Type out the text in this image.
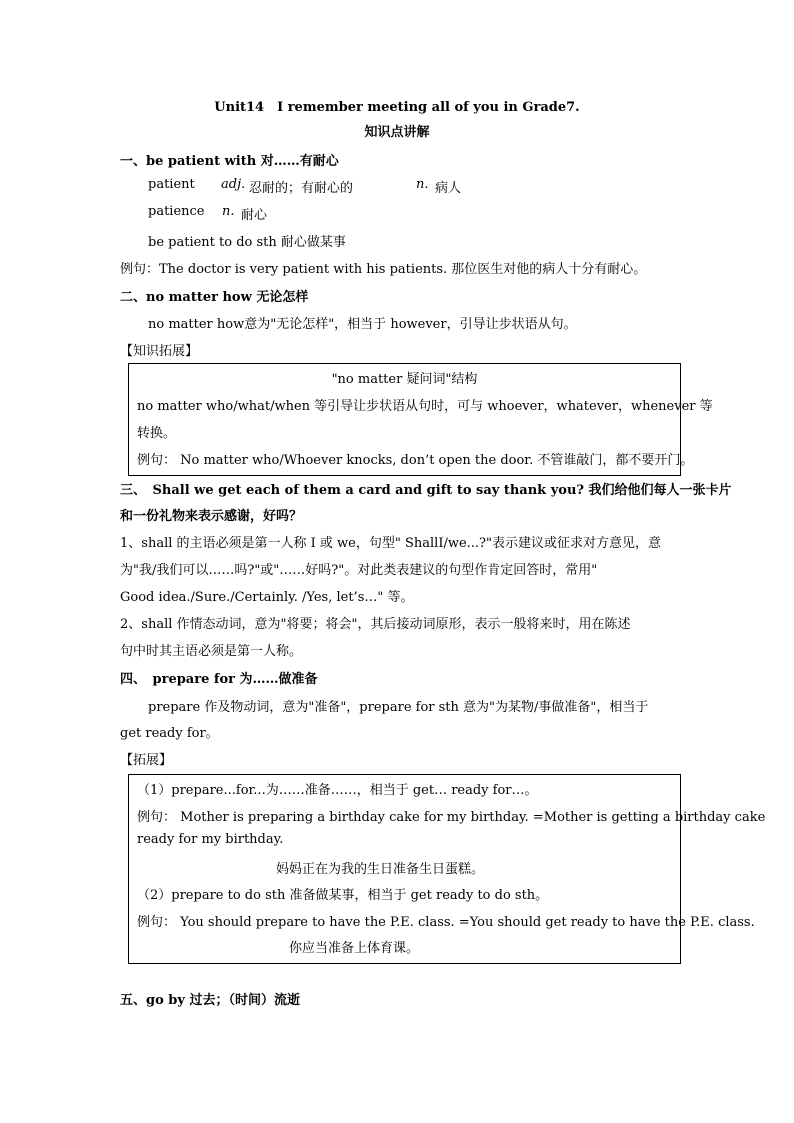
Unit14　I remember meeting all of you in Grade7.
知识点讲解
一、be patient with 对……有耐心
patient adj. 忍耐的；有耐心的	n. 病人
patience n. 耐心
be patient to do sth 耐心做某事
例句：The doctor is very patient with his patients. 那位医生对他的病人十分有耐心。
二、no matter how 无论怎样
no matter how意为"无论怎样"，相当于 however，引导让步状语从句。
【知识拓展】
"no matter 疑问词"结构
no matter who/what/when 等引导让步状语从句时，可与 whoever，whatever，whenever 等
转换。
例句： No matter who/Whoever knocks, don’t open the door. 不管谁敲门，都不要开门。
三、　Shall we get each of them a card and gift to say thank you? 我们给他们每人一张卡片
和一份礼物来表示感谢，好吗？
1、shall 的主语必须是第一人称 I 或 we，句型" ShallI/we...?"表示建议或征求对方意见，意
为"我/我们可以……吗?"或"……好吗?"。对此类表建议的句型作肯定回答时，常用"
Good idea./Sure./Certainly. /Yes, let’s…" 等。
2、shall 作情态动词，意为"将要；将会"，其后接动词原形，表示一般将来时，用在陈述
句中时其主语必须是第一人称。
四、　prepare for 为……做准备
prepare 作及物动词，意为"准备"，prepare for sth 意为"为某物/事做准备"，相当于
get ready for。
【拓展】
（1）prepare...for...为……准备……，相当于 get… ready for…。
例句： Mother is preparing a birthday cake for my birthday. =Mother is getting a birthday cake
ready for my birthday.
妈妈正在为我的生日准备生日蛋糕。
（2）prepare to do sth 准备做某事，相当于 get ready to do sth。
例句： You should prepare to have the P.E. class. =You should get ready to have the P.E. class.
你应当准备上体育课。
五、go by 过去；（时间）流逝
